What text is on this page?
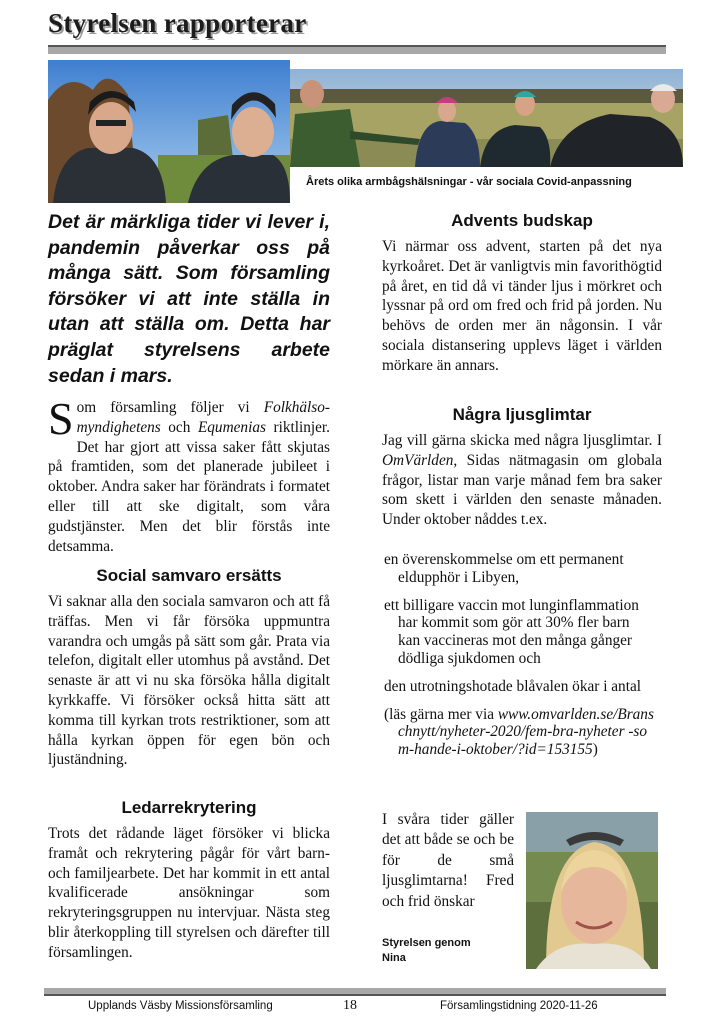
Styrelsen rapporterar
Årets olika armbågshälsningar - vår sociala Covid-anpassning
Det är märkliga tider vi lever i, pandemin påverkar oss på många sätt. Som församling försöker vi att inte ställa in utan att ställa om. Detta har präglat styrelsens arbete sedan i mars.
Som församling följer vi Folkhälso-myndighetens och Equmenias riktlinjer. Det har gjort att vissa saker fått skjutas på framtiden, som det planerade jubileet i oktober. Andra saker har förändrats i formatet eller till att ske digitalt, som våra gudstjänster. Men det blir förstås inte detsamma.
Social samvaro ersätts
Vi saknar alla den sociala samvaron och att få träffas. Men vi får försöka uppmuntra varandra och umgås på sätt som går. Prata via telefon, digitalt eller utomhus på avstånd. Det senaste är att vi nu ska försöka hålla digitalt kyrkkaffe. Vi försöker också hitta sätt att komma till kyrkan trots restriktioner, som att hålla kyrkan öppen för egen bön och ljuständning.
Ledarrekrytering
Trots det rådande läget försöker vi blicka framåt och rekrytering pågår för vårt barn- och familjearbete. Det har kommit in ett antal kvalificerade ansökningar som rekryteringsgruppen nu intervjuar. Nästa steg blir återkoppling till styrelsen och därefter till församlingen.
Advents budskap
Vi närmar oss advent, starten på det nya kyrkoåret. Det är vanligtvis min favorithögtid på året, en tid då vi tänder ljus i mörkret och lyssnar på ord om fred och frid på jorden. Nu behövs de orden mer än någonsin. I vår sociala distansering upplevs läget i världen mörkare än annars.
Några ljusglimtar
Jag vill gärna skicka med några ljusglimtar. I OmVärlden, Sidas nätmagasin om globala frågor, listar man varje månad fem bra saker som skett i världen den senaste månaden. Under oktober nåddes t.ex.

en överenskommelse om ett permanent eldupphör i Libyen,

ett billigare vaccin mot lunginflammation har kommit som gör att 30% fler barn kan vaccineras mot den många gånger dödliga sjukdomen och

den utrotningshotade blåvalen ökar i antal

(läs gärna mer via www.omvarlden.se/Branschnytt/nyheter-2020/fem-bra-nyheter -som-hande-i-oktober/?id=153155)

I svåra tider gäller det att både se och be för de små ljusglimtarna! Fred och frid önskar
Styrelsen genom
Nina
Upplands Väsby Missionsförsamling	18	Församlingstidning 2020-11-26
